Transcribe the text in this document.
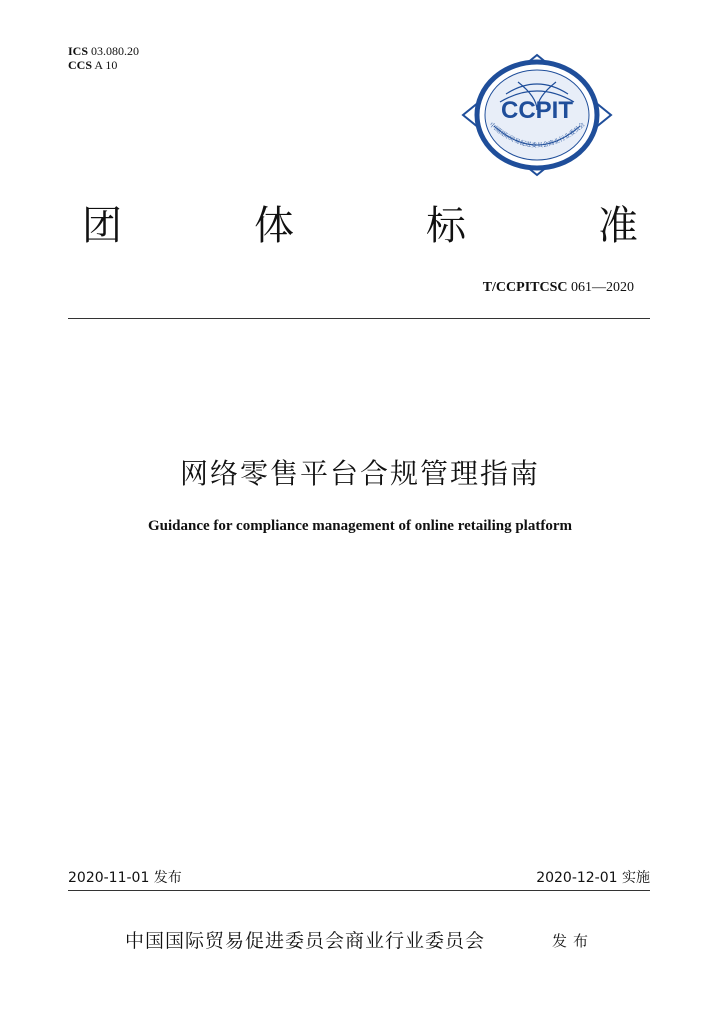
ICS 03.080.20
CCS A 10
CCPIT
中国国际贸易促进委员会商业行业委员会
团	体	标	准
T/CCPITCSC 061—2020
网络零售平台合规管理指南
Guidance for compliance management of online retailing platform
2020-11-01 发布	2020-12-01 实施
中国国际贸易促进委员会商业行业委员会	发布
